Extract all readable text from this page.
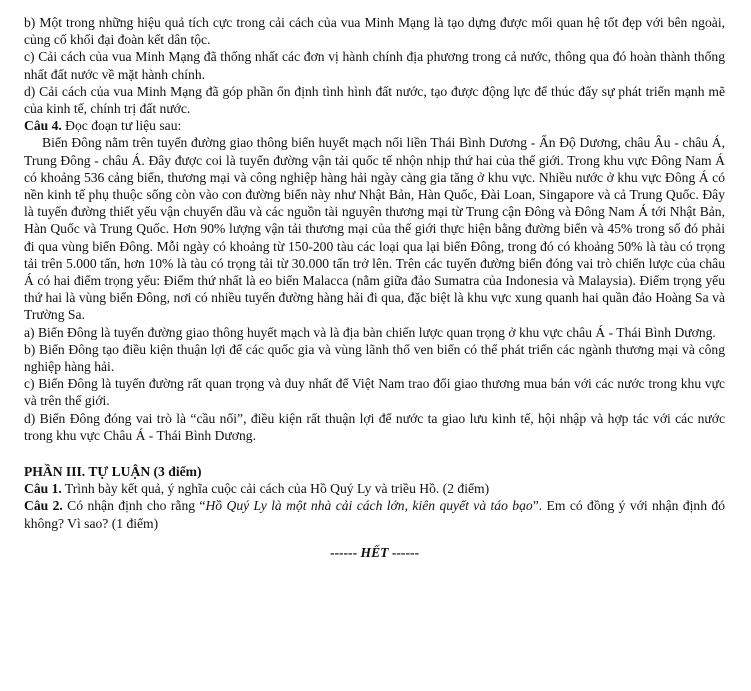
b) Một trong những hiệu quả tích cực trong cải cách của vua Minh Mạng là tạo dựng được mối quan hệ tốt đẹp với bên ngoài, củng cố khối đại đoàn kết dân tộc.

c) Cải cách của vua Minh Mạng đã thống nhất các đơn vị hành chính địa phương trong cả nước, thông qua đó hoàn thành thống nhất đất nước về mặt hành chính.

d) Cải cách của vua Minh Mạng đã góp phần ổn định tình hình đất nước, tạo được động lực để thúc đẩy sự phát triển mạnh mẽ của kinh tế, chính trị đất nước.

Câu 4. Đọc đoạn tư liệu sau:

Biển Đông nằm trên tuyến đường giao thông biển huyết mạch nối liền Thái Bình Dương - Ấn Độ Dương, châu Âu - châu Á, Trung Đông - châu Á. Đây được coi là tuyến đường vận tải quốc tế nhộn nhịp thứ hai của thế giới. Trong khu vực Đông Nam Á có khoảng 536 cảng biển, thương mại và công nghiệp hàng hải ngày càng gia tăng ở khu vực. Nhiều nước ở khu vực Đông Á có nền kinh tế phụ thuộc sống còn vào con đường biển này như Nhật Bản, Hàn Quốc, Đài Loan, Singapore và cả Trung Quốc. Đây là tuyến đường thiết yếu vận chuyển dầu và các nguồn tài nguyên thương mại từ Trung cận Đông và Đông Nam Á tới Nhật Bản, Hàn Quốc và Trung Quốc. Hơn 90% lượng vận tải thương mại của thế giới thực hiện bằng đường biển và 45% trong số đó phải đi qua vùng biển Đông. Mỗi ngày có khoảng từ 150-200 tàu các loại qua lại biển Đông, trong đó có khoảng 50% là tàu có trọng tải trên 5.000 tấn, hơn 10% là tàu có trọng tải từ 30.000 tấn trở lên. Trên các tuyến đường biển đóng vai trò chiến lược của châu Á có hai điểm trọng yếu: Điểm thứ nhất là eo biển Malacca (nằm giữa đảo Sumatra của Indonesia và Malaysia). Điểm trọng yếu thứ hai là vùng biển Đông, nơi có nhiều tuyến đường hàng hải đi qua, đặc biệt là khu vực xung quanh hai quần đảo Hoàng Sa và Trường Sa.

a) Biển Đông là tuyến đường giao thông huyết mạch và là địa bàn chiến lược quan trọng ở khu vực châu Á - Thái Bình Dương.

b) Biển Đông tạo điều kiện thuận lợi để các quốc gia và vùng lãnh thổ ven biển có thể phát triển các ngành thương mại và công nghiệp hàng hải.

c) Biển Đông là tuyến đường rất quan trọng và duy nhất để Việt Nam trao đổi giao thương mua bán với các nước trong khu vực và trên thế giới.

d) Biển Đông đóng vai trò là “cầu nối”, điều kiện rất thuận lợi để nước ta giao lưu kinh tế, hội nhập và hợp tác với các nước trong khu vực Châu Á - Thái Bình Dương.

PHẦN III. TỰ LUẬN (3 điểm)

Câu 1. Trình bày kết quả, ý nghĩa cuộc cải cách của Hồ Quý Ly và triều Hồ. (2 điểm)

Câu 2. Có nhận định cho rằng “Hồ Quý Ly là một nhà cải cách lớn, kiên quyết và táo bạo”. Em có đồng ý với nhận định đó không? Vì sao? (1 điểm)

------ HẾT ------
